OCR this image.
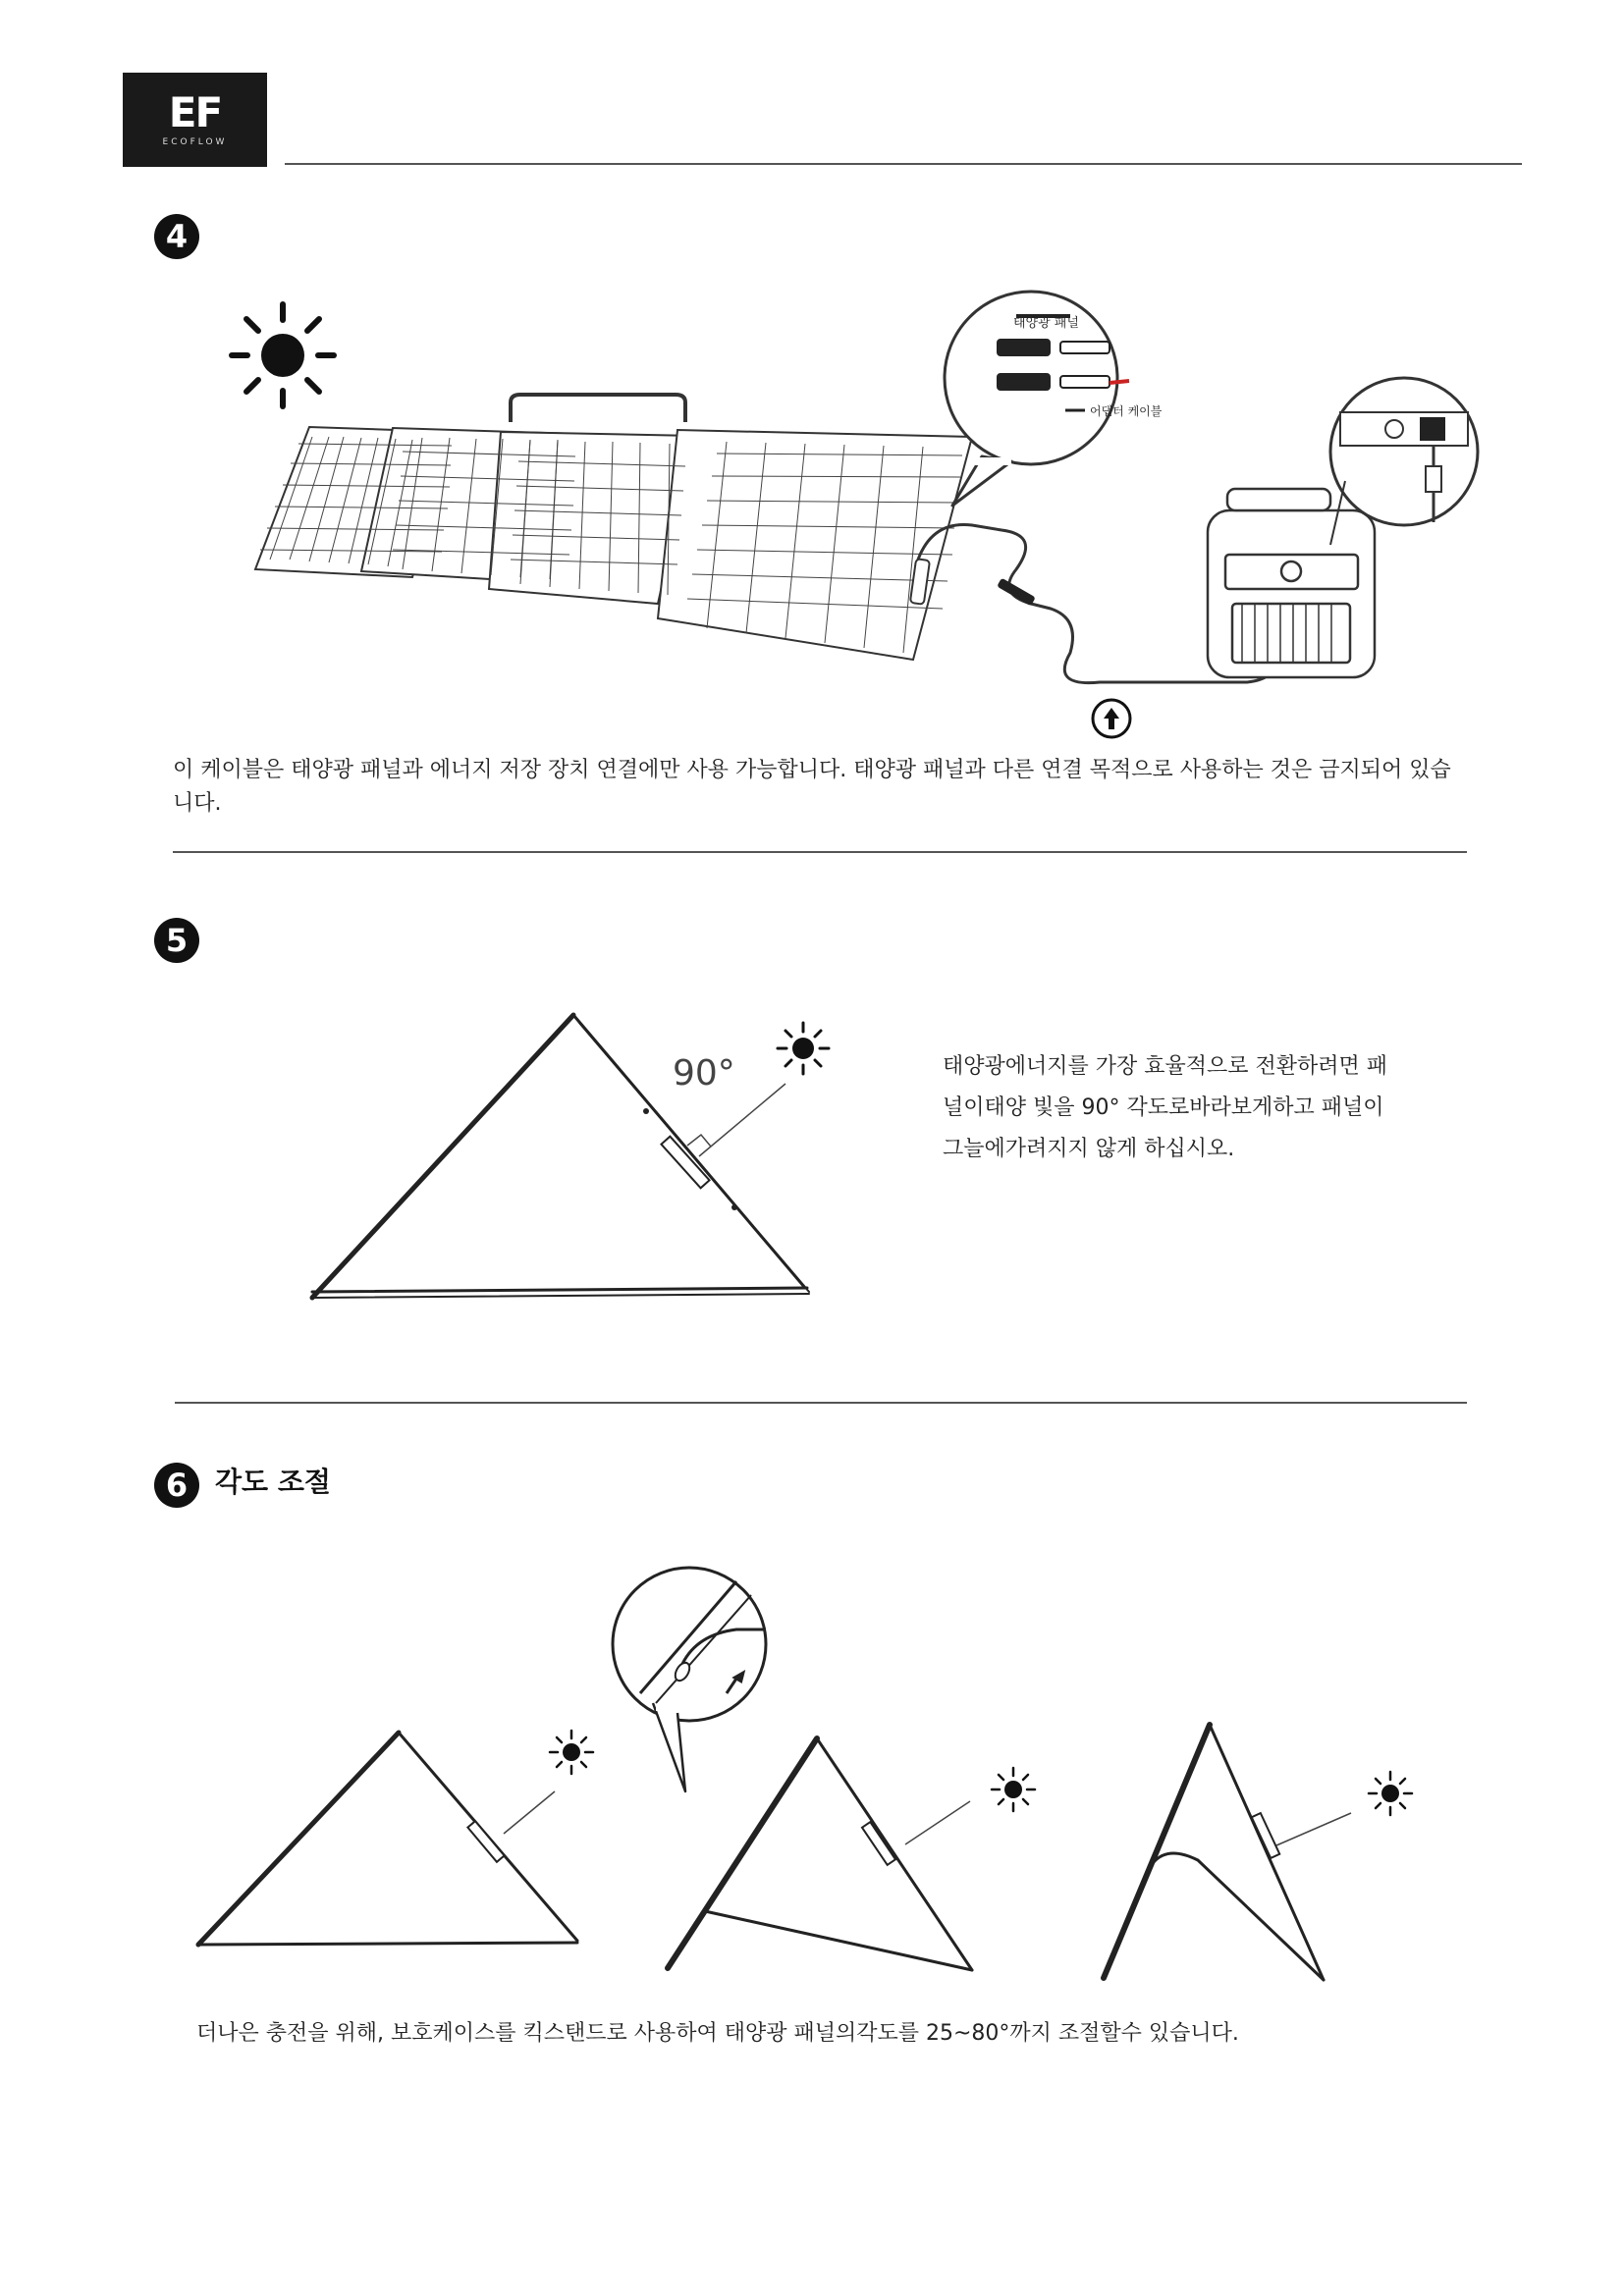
EF
ECOFLOW
4
태양광 패널
어댑터 케이블
이 케이블은 태양광 패널과 에너지 저장 장치 연결에만 사용 가능합니다. 태양광 패널과 다른 연결 목적으로 사용하는 것은 금지되어 있습니다.
5
90°	태양광에너지를 가장 효율적으로 전환하려면 패
널이태양 빛을 90° 각도로바라보게하고 패널이
그늘에가려지지 않게 하십시오.
6 각도 조절
더나은 충전을 위해, 보호케이스를 킥스탠드로 사용하여 태양광 패널의각도를 25~80°까지 조절할수 있습니다.
